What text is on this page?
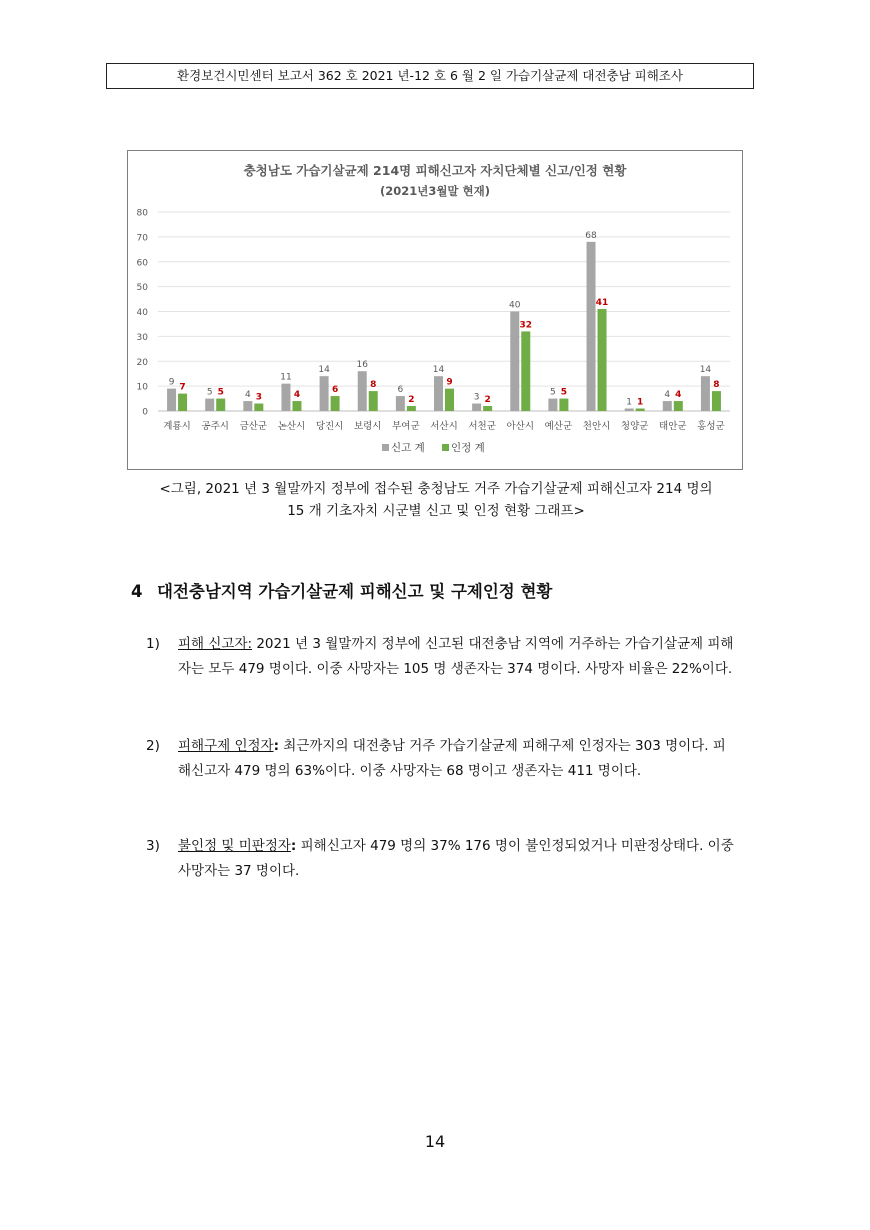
환경보건시민센터 보고서 362 호 2021 년-12 호 6 월 2 일 가습기살균제 대전충남 피해조사
충청남도 가습기살균제 214명 피해신고자 자치단체별 신고/인정 현황
(2021년3월말 현재)
0
10
20
30
40
50
60
70
80
9 7
계룡시
5 5
공주시
4 3
금산군
11
4
논산시
14
6
당진시
16
8
보령시
6
2
부여군
14
9
서산시
3 2
서천군
40
32
아산시
5 5
예산군
68
41
천안시
1 1
청양군
4 4
태안군
14
8
홍성군
신고 계 인정 계
<그림, 2021 년 3 월말까지 정부에 접수된 충청남도 거주 가습기살균제 피해신고자 214 명의
15 개 기초자치 시군별 신고 및 인정 현황 그래프>
4 대전충남지역 가습기살균제 피해신고 및 구제인정 현황
1) 피해 신고자: 2021 년 3 월말까지 정부에 신고된 대전충남 지역에 거주하는 가습기살균제 피해자는 모두 479 명이다. 이중 사망자는 105 명 생존자는 374 명이다. 사망자 비율은 22%이다.
2) 피해구제 인정자: 최근까지의 대전충남 거주 가습기살균제 피해구제 인정자는 303 명이다. 피해신고자 479 명의 63%이다. 이중 사망자는 68 명이고 생존자는 411 명이다.
3) 불인정 및 미판정자: 피해신고자 479 명의 37% 176 명이 불인정되었거나 미판정상태다. 이중 사망자는 37 명이다.
14
